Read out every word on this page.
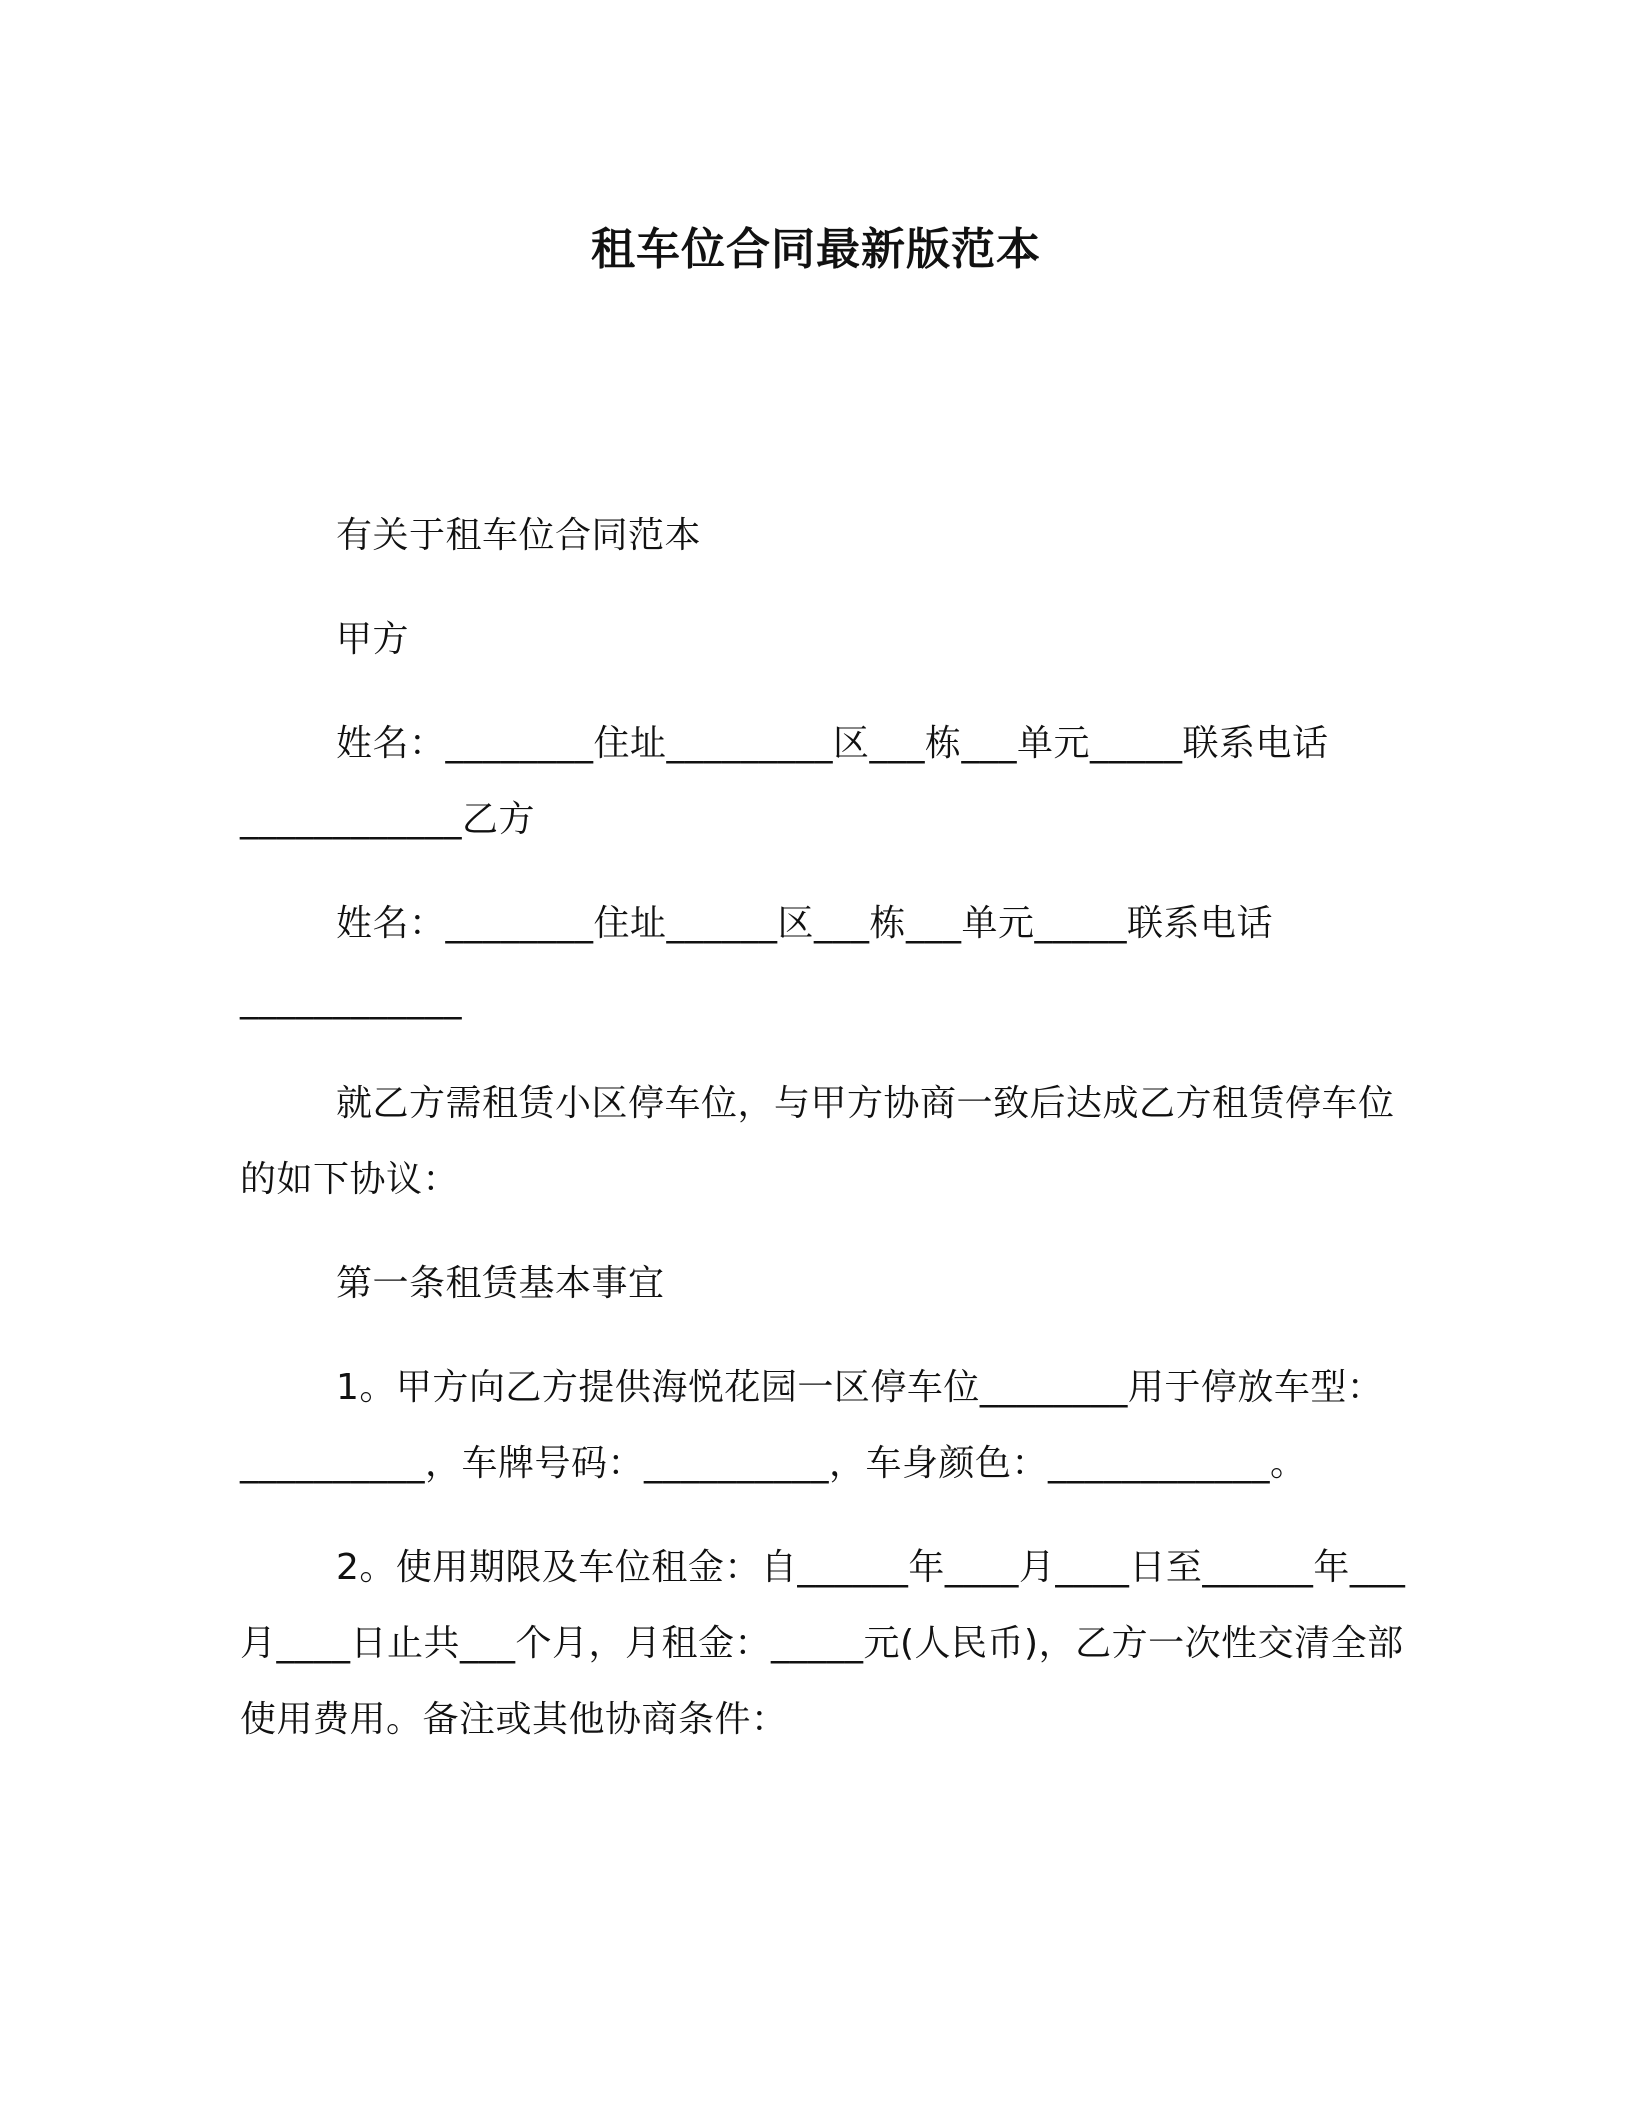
租车位合同最新版范本

有关于租车位合同范本

甲方

姓名：________住址_________区___栋___单元_____联系电话____________乙方

姓名：________住址______区___栋___单元_____联系电话____________

就乙方需租赁小区停车位，与甲方协商一致后达成乙方租赁停车位的如下协议：

第一条租赁基本事宜

1。甲方向乙方提供海悦花园一区停车位________用于停放车型：__________，车牌号码：__________，车身颜色：____________。

2。使用期限及车位租金：自______年____月____日至______年___月____日止共___个月，月租金：_____元(人民币)，乙方一次性交清全部使用费用。备注或其他协商条件：
